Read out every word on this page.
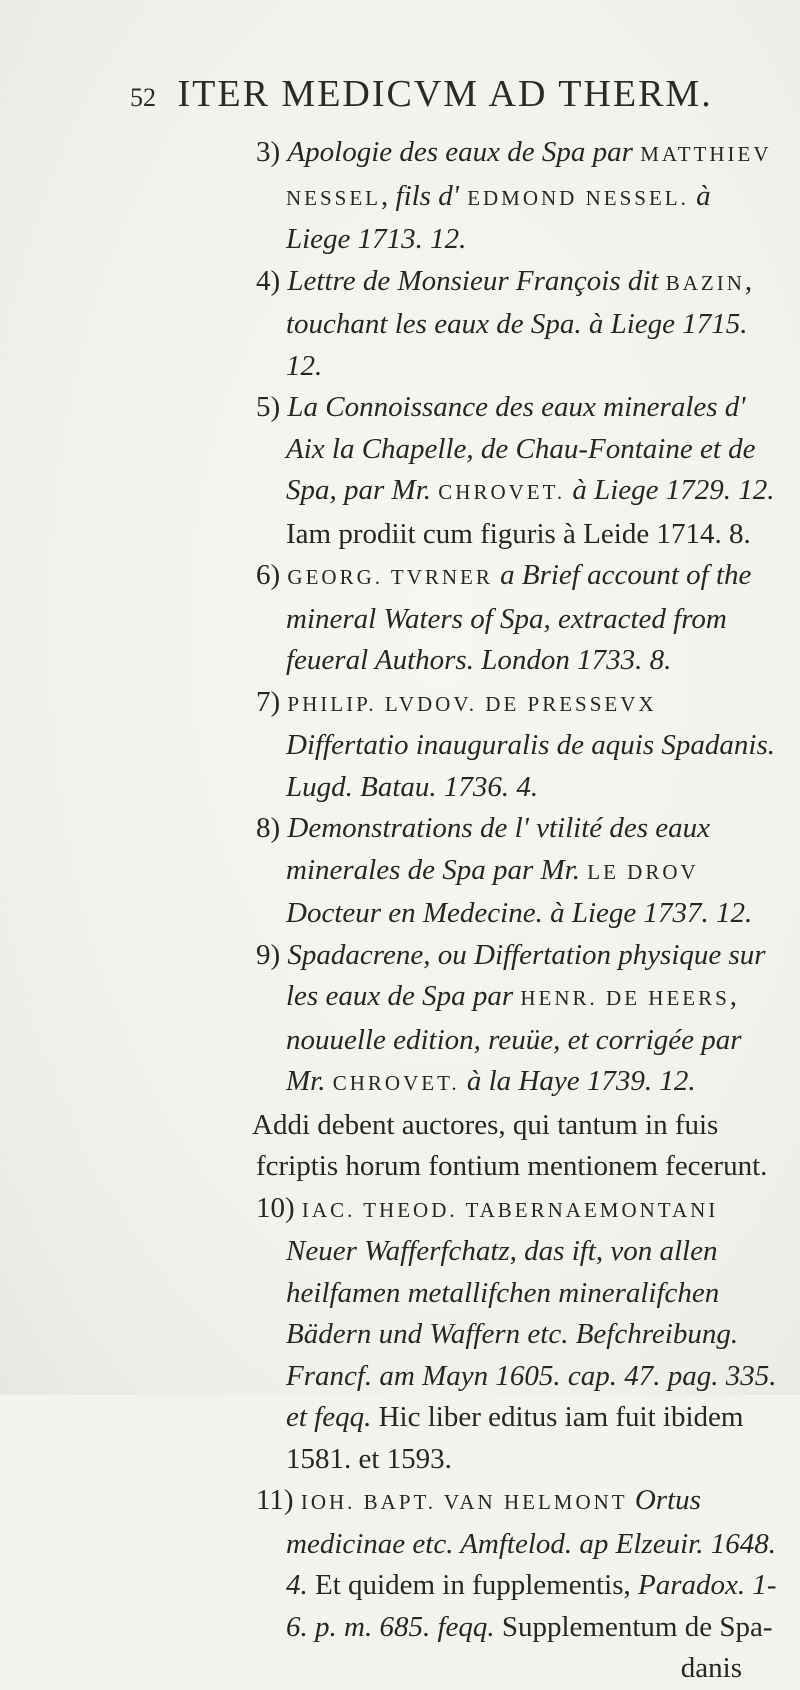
52 ITER MEDICVM AD THERM.

3) Apologie des eaux de Spa par MATTHIEV NESSEL, fils d' EDMOND NESSEL. à Liege 1713. 12.

4) Lettre de Monsieur François dit BAZIN, touchant les eaux de Spa. à Liege 1715. 12.

5) La Connoissance des eaux minerales d' Aix la Chapelle, de Chau-Fontaine et de Spa, par Mr. CHROVET. à Liege 1729. 12. Iam prodiit cum figuris à Leide 1714. 8.

6) GEORG. TVRNER a Brief account of the mineral Waters of Spa, extracted from feueral Authors. London 1733. 8.

7) PHILIP. LVDOV. DE PRESSEVX Differtatio inauguralis de aquis Spadanis. Lugd. Batau. 1736. 4.

8) Demonstrations de l' vtilité des eaux minerales de Spa par Mr. LE DROV Docteur en Medecine. à Liege 1737. 12.

9) Spadacrene, ou Differtation physique sur les eaux de Spa par HENR. DE HEERS, nouuelle edition, reuüe, et corrigée par Mr. CHROVET. à la Haye 1739. 12.

Addi debent auctores, qui tantum in fuis fcriptis horum fontium mentionem fecerunt.

10) IAC. THEOD. TABERNAEMONTANI Neuer Wafferfchatz, das ift, von allen heilfamen metallifchen mineralifchen Bädern und Waffern etc. Befchreibung. Francf. am Mayn 1605. cap. 47. pag. 335. et feqq. Hic liber editus iam fuit ibidem 1581. et 1593.

11) IOH. BAPT. VAN HELMONT Ortus medicinae etc. Amftelod. ap Elzeuir. 1648. 4. Et quidem in fupplementis, Paradox. 1-6. p. m. 685. feqq. Supplementum de Spa-

danis
